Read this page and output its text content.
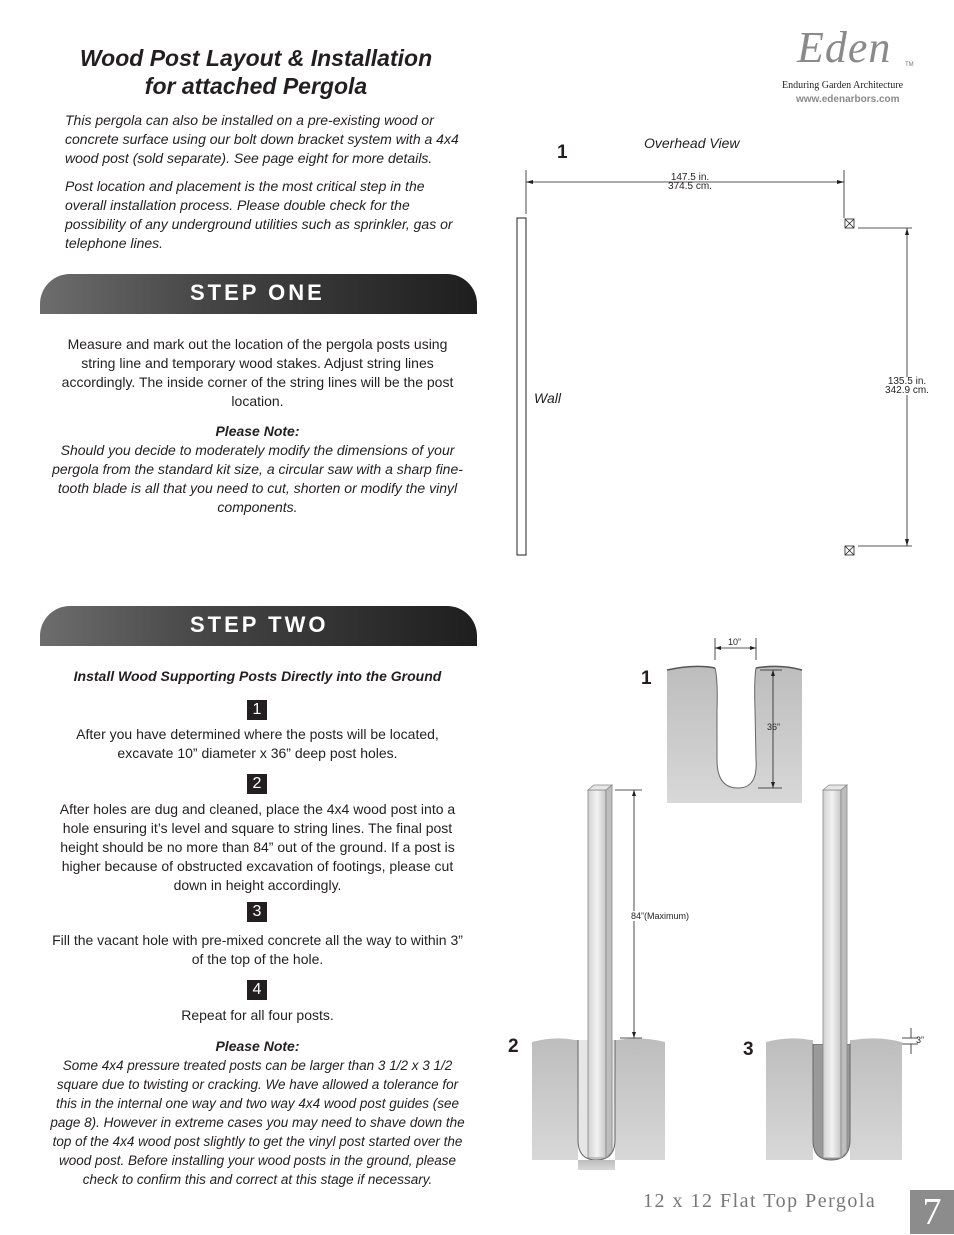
Wood Post Layout & Installation
for attached Pergola
This pergola can also be installed on a pre-existing wood or concrete surface using our bolt down bracket system with a 4x4 wood post (sold separate). See page eight for more details.
Post location and placement is the most critical step in the overall installation process. Please double check for the possibility of any underground utilities such as sprinkler, gas or telephone lines.
Eden TM
Enduring Garden Architecture
www.edenarbors.com
STEP ONE
Measure and mark out the location of the pergola posts using string line and temporary wood stakes. Adjust string lines accordingly. The inside corner of the string lines will be the post location.
Please Note:
Should you decide to moderately modify the dimensions of your pergola from the standard kit size, a circular saw with a sharp fine-tooth blade is all that you need to cut, shorten or modify the vinyl components.
1	Overhead View
Wall
147.5 in.
374.5 cm.
135.5 in.
342.9 cm.
STEP TWO
Install Wood Supporting Posts Directly into the Ground
1
After you have determined where the posts will be located, excavate 10” diameter x 36” deep post holes.
2
After holes are dug and cleaned, place the 4x4 wood post into a hole ensuring it’s level and square to string lines. The final post height should be no more than 84” out of the ground. If a post is higher because of obstructed excavation of footings, please cut down in height accordingly.
3
Fill the vacant hole with pre-mixed concrete all the way to within 3” of the top of the hole.
4
Repeat for all four posts.
Please Note:
Some 4x4 pressure treated posts can be larger than 3 1/2 x 3 1/2 square due to twisting or cracking. We have allowed a tolerance for this in the internal one way and two way 4x4 wood post guides (see page 8). However in extreme cases you may need to shave down the top of the 4x4 wood post slightly to get the vinyl post started over the wood post. Before installing your wood posts in the ground, please check to confirm this and correct at this stage if necessary.
1
10”
36”
2
84”(Maximum)
3	3”
12 x 12 Flat Top Pergola	7
